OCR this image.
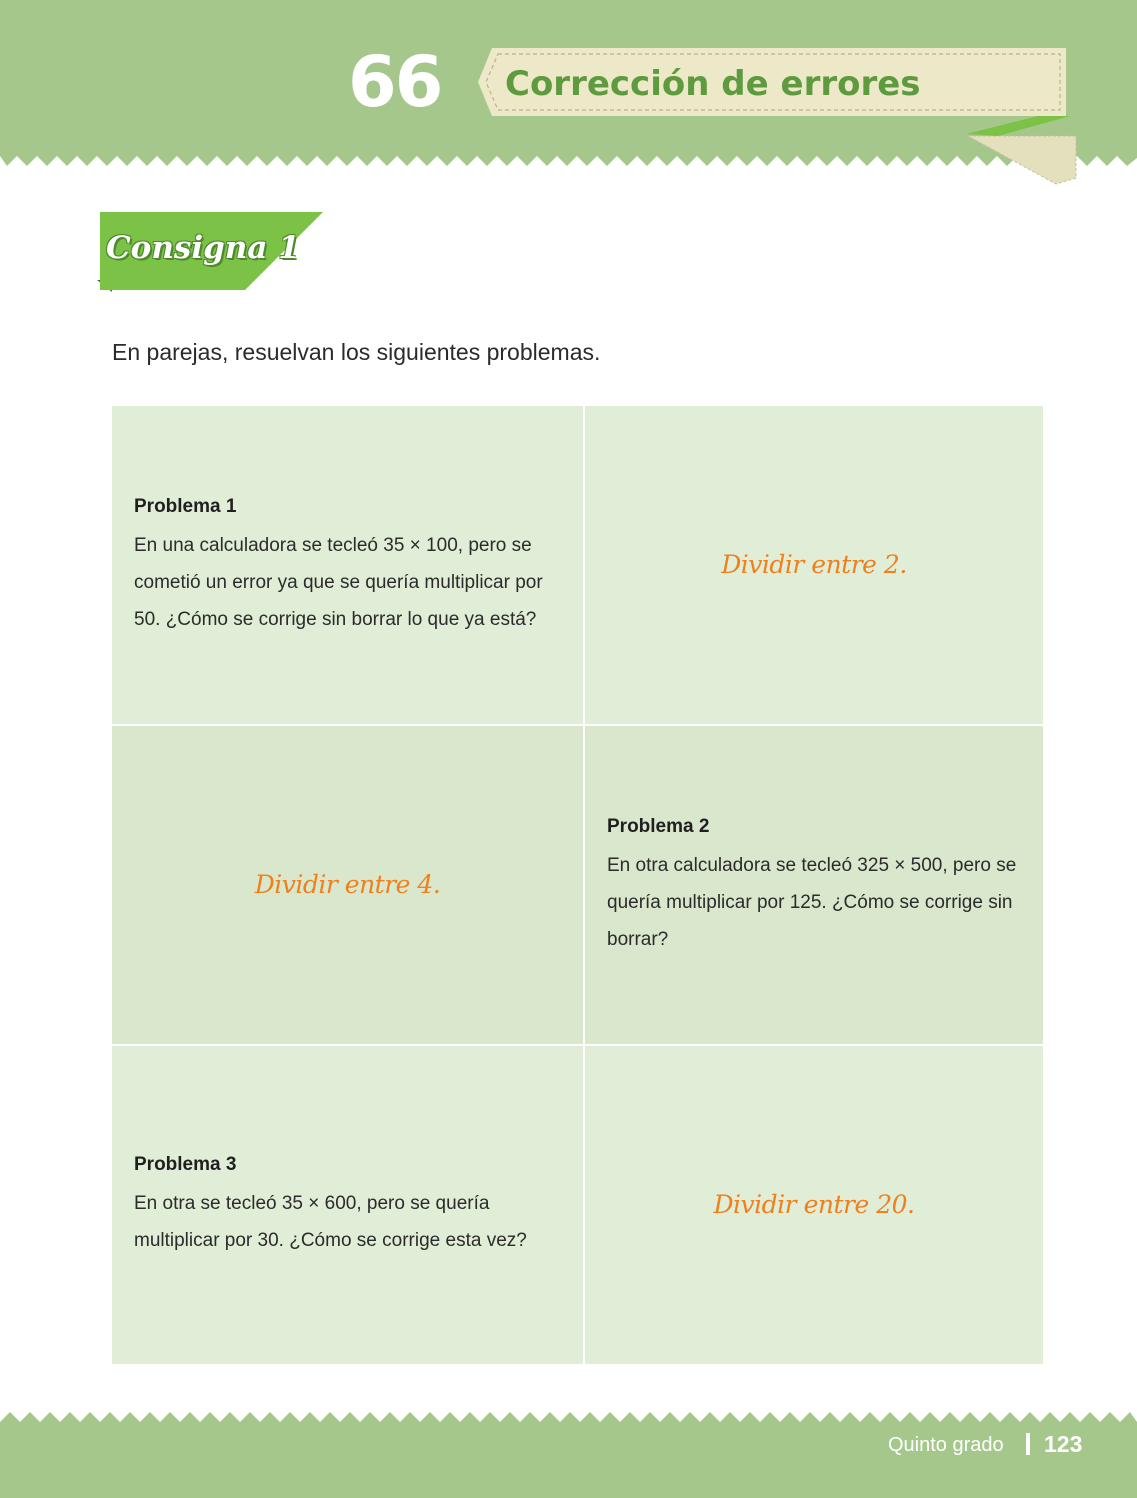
66	Corrección de errores
Consigna 1
En parejas, resuelvan los siguientes problemas.
Problema 1
En una calculadora se tecleó 35 × 100, pero se cometió un error ya que se quería multiplicar por 50. ¿Cómo se corrige sin borrar lo que ya está?
Dividir entre 2.
Dividir entre 4.
Problema 2
En otra calculadora se tecleó 325 × 500, pero se quería multiplicar por 125. ¿Cómo se corrige sin borrar?
Problema 3
En otra se tecleó 35 × 600, pero se quería multiplicar por 30. ¿Cómo se corrige esta vez?
Dividir entre 20.
Quinto grado	123
